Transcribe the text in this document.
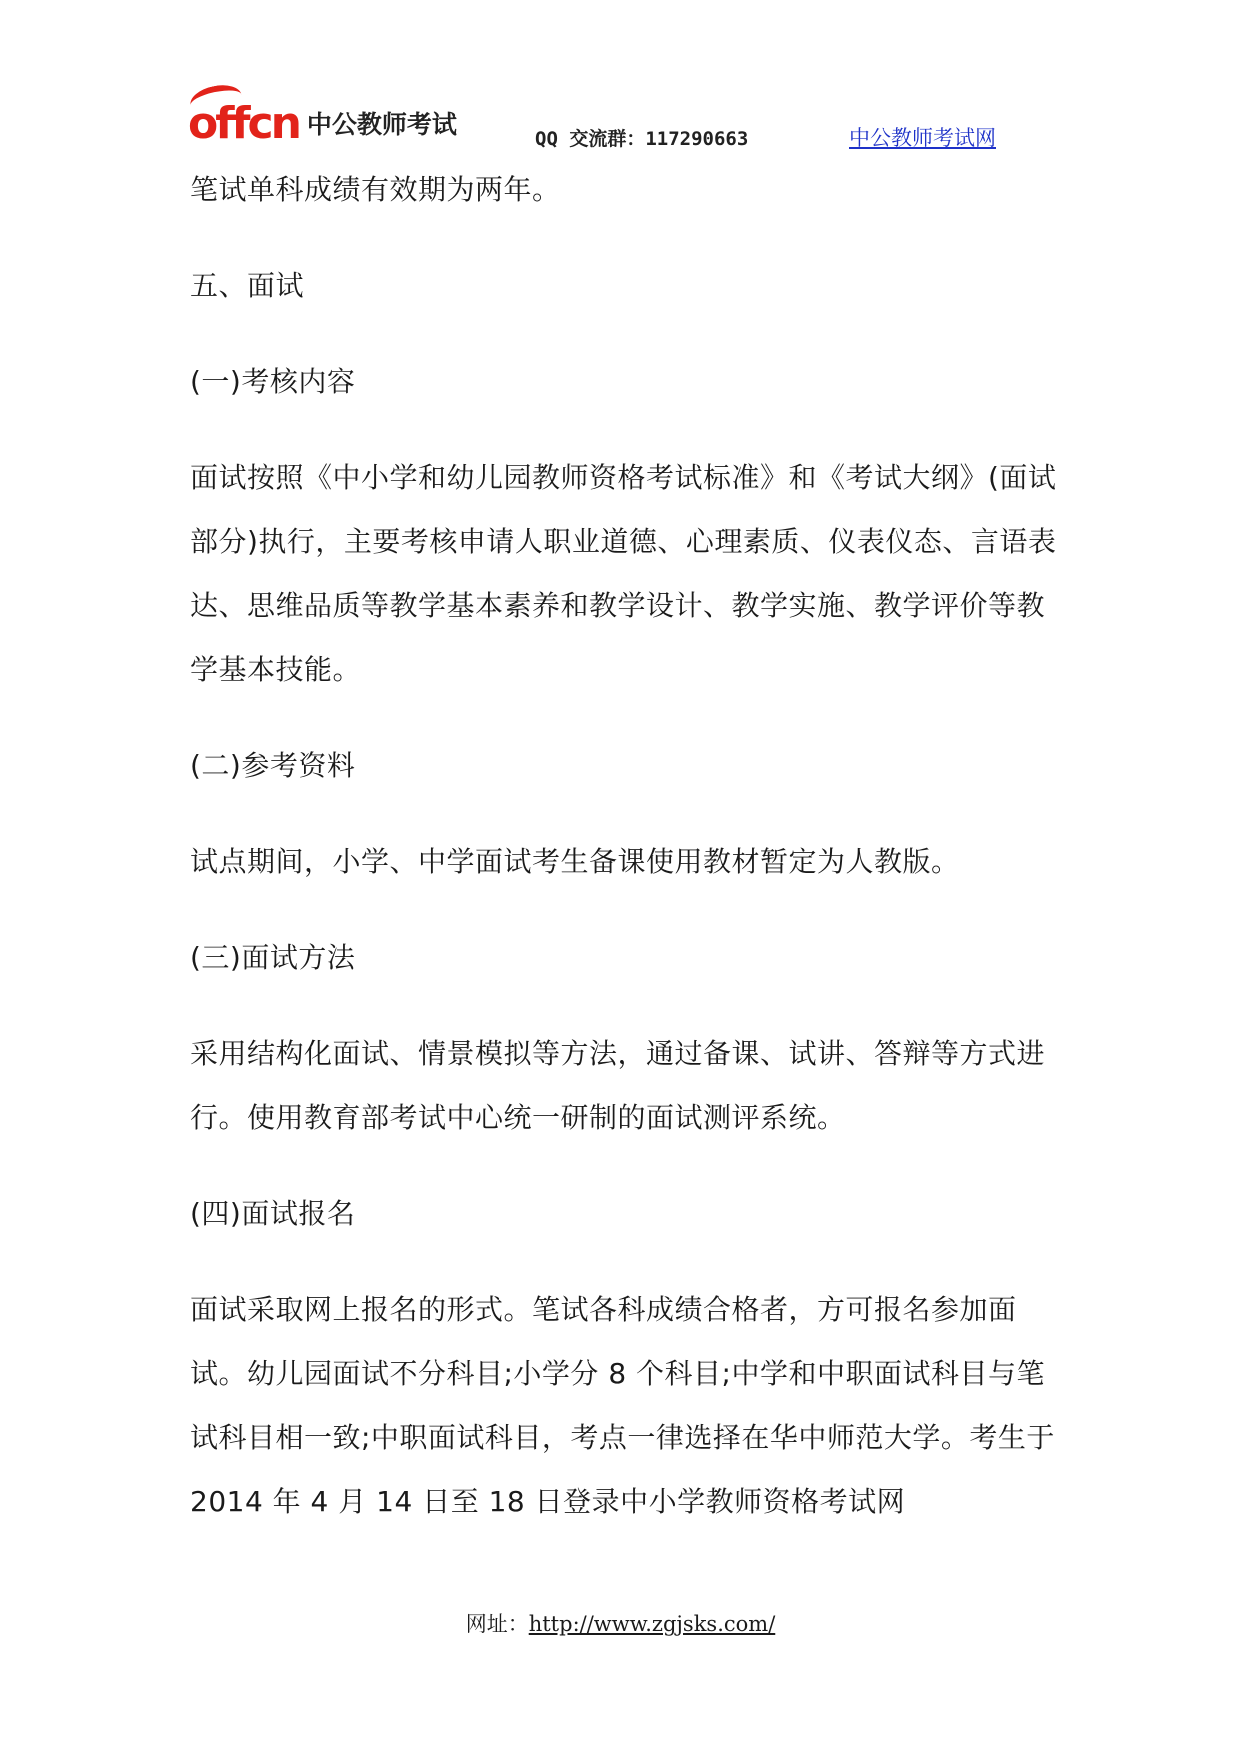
offcn 中公教师考试	QQ 交流群：117290663	中公教师考试网

笔试单科成绩有效期为两年。

五、面试

(一)考核内容

面试按照《中小学和幼儿园教师资格考试标准》和《考试大纲》(面试部分)执行，主要考核申请人职业道德、心理素质、仪表仪态、言语表达、思维品质等教学基本素养和教学设计、教学实施、教学评价等教学基本技能。

(二)参考资料

试点期间，小学、中学面试考生备课使用教材暂定为人教版。

(三)面试方法

采用结构化面试、情景模拟等方法，通过备课、试讲、答辩等方式进行。使用教育部考试中心统一研制的面试测评系统。

(四)面试报名

面试采取网上报名的形式。笔试各科成绩合格者，方可报名参加面试。幼儿园面试不分科目;小学分 8 个科目;中学和中职面试科目与笔试科目相一致;中职面试科目，考点一律选择在华中师范大学。考生于 2014 年 4 月 14 日至 18 日登录中小学教师资格考试网

网址：http://www.zgjsks.com/
